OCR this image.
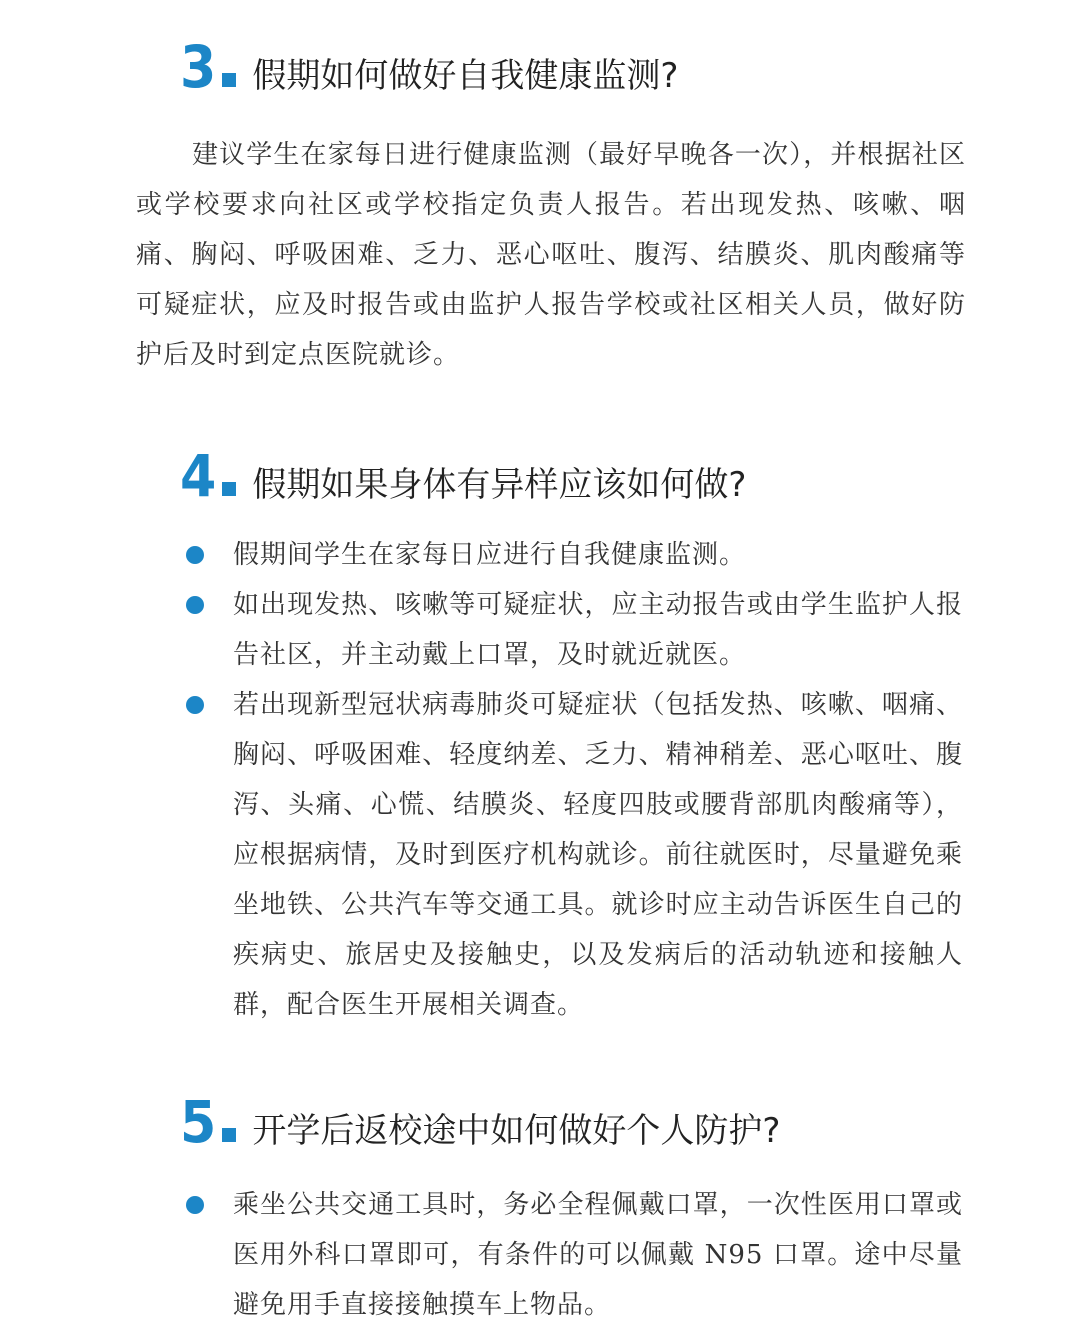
3 假期如何做好自我健康监测?
建议学生在家每日进行健康监测（最好早晚各一次），并根据社区或学校要求向社区或学校指定负责人报告。若出现发热、咳嗽、咽痛、胸闷、呼吸困难、乏力、恶心呕吐、腹泻、结膜炎、肌肉酸痛等可疑症状，应及时报告或由监护人报告学校或社区相关人员，做好防护后及时到定点医院就诊。
4 假期如果身体有异样应该如何做?
假期间学生在家每日应进行自我健康监测。
如出现发热、咳嗽等可疑症状，应主动报告或由学生监护人报告社区，并主动戴上口罩，及时就近就医。
若出现新型冠状病毒肺炎可疑症状（包括发热、咳嗽、咽痛、胸闷、呼吸困难、轻度纳差、乏力、精神稍差、恶心呕吐、腹泻、头痛、心慌、结膜炎、轻度四肢或腰背部肌肉酸痛等），应根据病情，及时到医疗机构就诊。前往就医时，尽量避免乘坐地铁、公共汽车等交通工具。就诊时应主动告诉医生自己的疾病史、旅居史及接触史，以及发病后的活动轨迹和接触人群，配合医生开展相关调查。
5 开学后返校途中如何做好个人防护?
乘坐公共交通工具时，务必全程佩戴口罩，一次性医用口罩或医用外科口罩即可，有条件的可以佩戴 N95 口罩。途中尽量避免用手直接接触摸车上物品。
